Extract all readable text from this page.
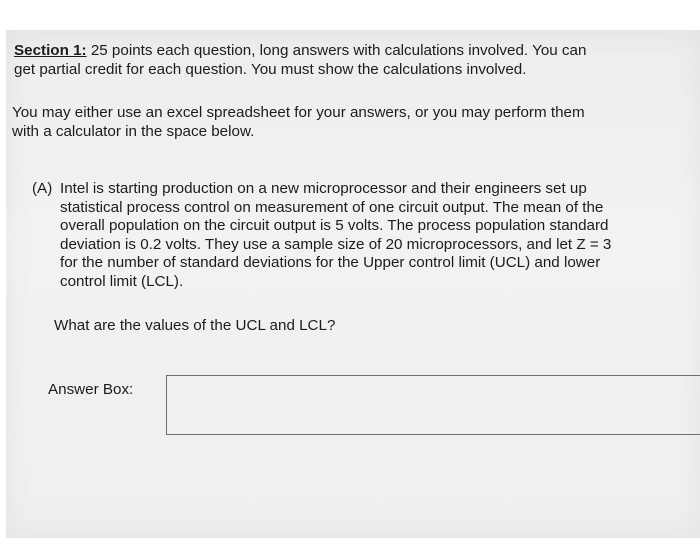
Section 1: 25 points each question, long answers with calculations involved. You can
get partial credit for each question. You must show the calculations involved.

You may either use an excel spreadsheet for your answers, or you may perform them
with a calculator in the space below.

(A) Intel is starting production on a new microprocessor and their engineers set up
statistical process control on measurement of one circuit output. The mean of the
overall population on the circuit output is 5 volts. The process population standard
deviation is 0.2 volts. They use a sample size of 20 microprocessors, and let Z = 3
for the number of standard deviations for the Upper control limit (UCL) and lower
control limit (LCL).
What are the values of the UCL and LCL?
Answer Box:
